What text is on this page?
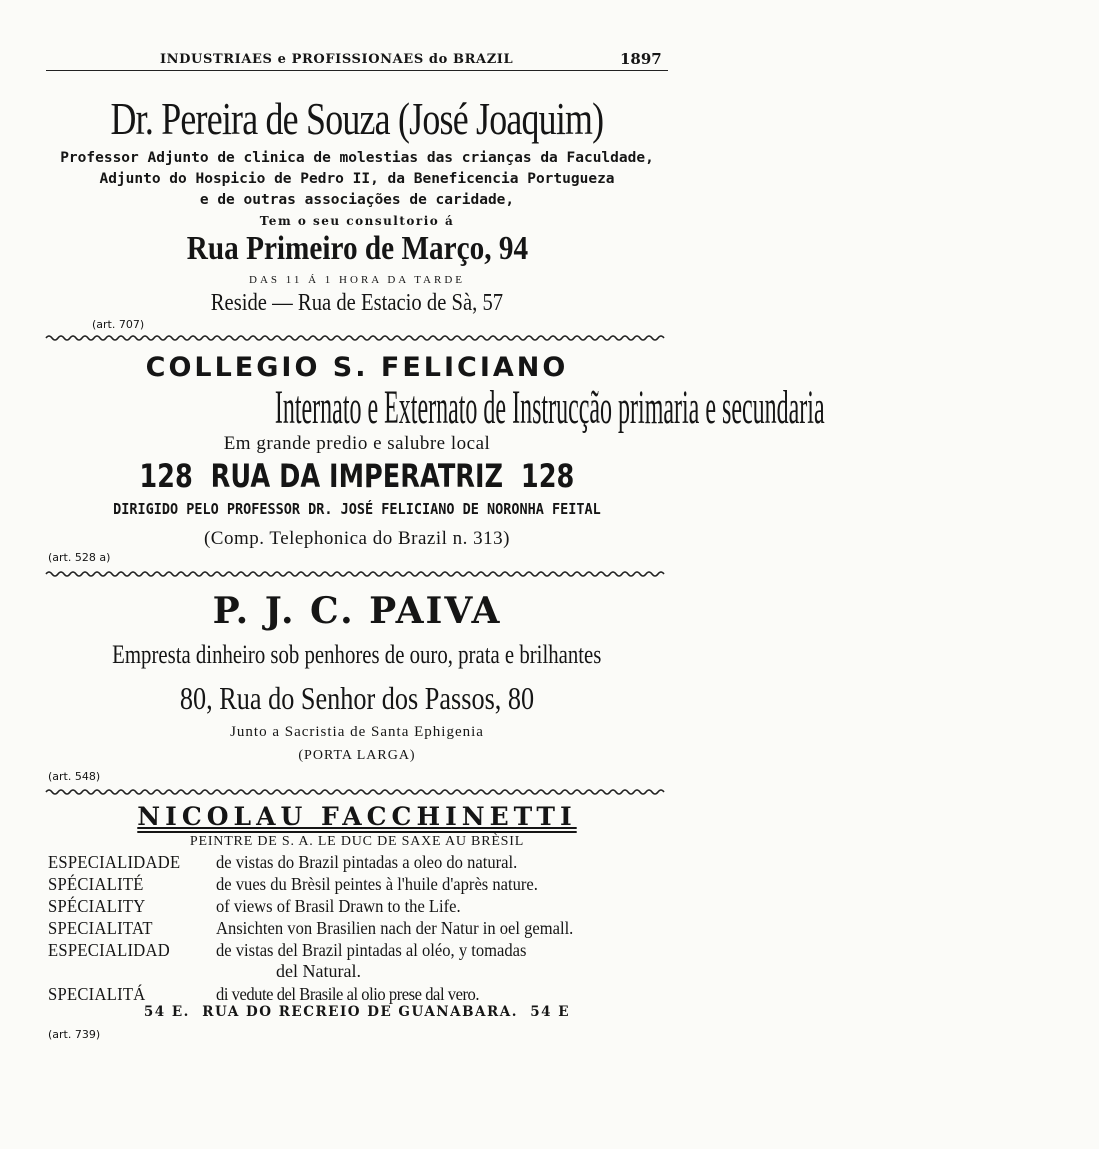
INDUSTRIAES e PROFISSIONAES do BRAZIL	1897
Dr. Pereira de Souza (José Joaquim)
Professor Adjunto de clinica de molestias das crianças da Faculdade,
Adjunto do Hospicio de Pedro II, da Beneficencia Portugueza
e de outras associações de caridade,
Tem o seu consultorio á
Rua Primeiro de Março, 94
DAS 11 Á 1 HORA DA TARDE
Reside — Rua de Estacio de Sà, 57
(art. 707)
COLLEGIO S. FELICIANO
Internato e Externato de Instrucção primaria e secundaria
Em grande predio e salubre local
128  RUA DA IMPERATRIZ  128
DIRIGIDO PELO PROFESSOR DR. JOSÉ FELICIANO DE NORONHA FEITAL
(Comp. Telephonica do Brazil n. 313)
(art. 528 a)
P. J. C. PAIVA
Empresta dinheiro sob penhores de ouro, prata e brilhantes
80, Rua do Senhor dos Passos, 80
Junto a Sacristia de Santa Ephigenia
(PORTA LARGA)
(art. 548)
NICOLAU FACCHINETTI
PEINTRE DE S. A. LE DUC DE SAXE AU BRÈSIL
ESPECIALIDADE	de vistas do Brazil pintadas a oleo do natural.
SPÉCIALITÉ	de vues du Brèsil peintes à l'huile d'après nature.
SPÉCIALITY	of views of Brasil Drawn to the Life.
SPECIALITAT	Ansichten von Brasilien nach der Natur in oel gemall.
ESPECIALIDAD	de vistas del Brazil pintadas al oléo, y tomadas
del Natural.
SPECIALITÁ	di vedute del Brasile al olio prese dal vero.
54 E.  RUA DO RECREIO DE GUANABARA.  54 E
(art. 739)
